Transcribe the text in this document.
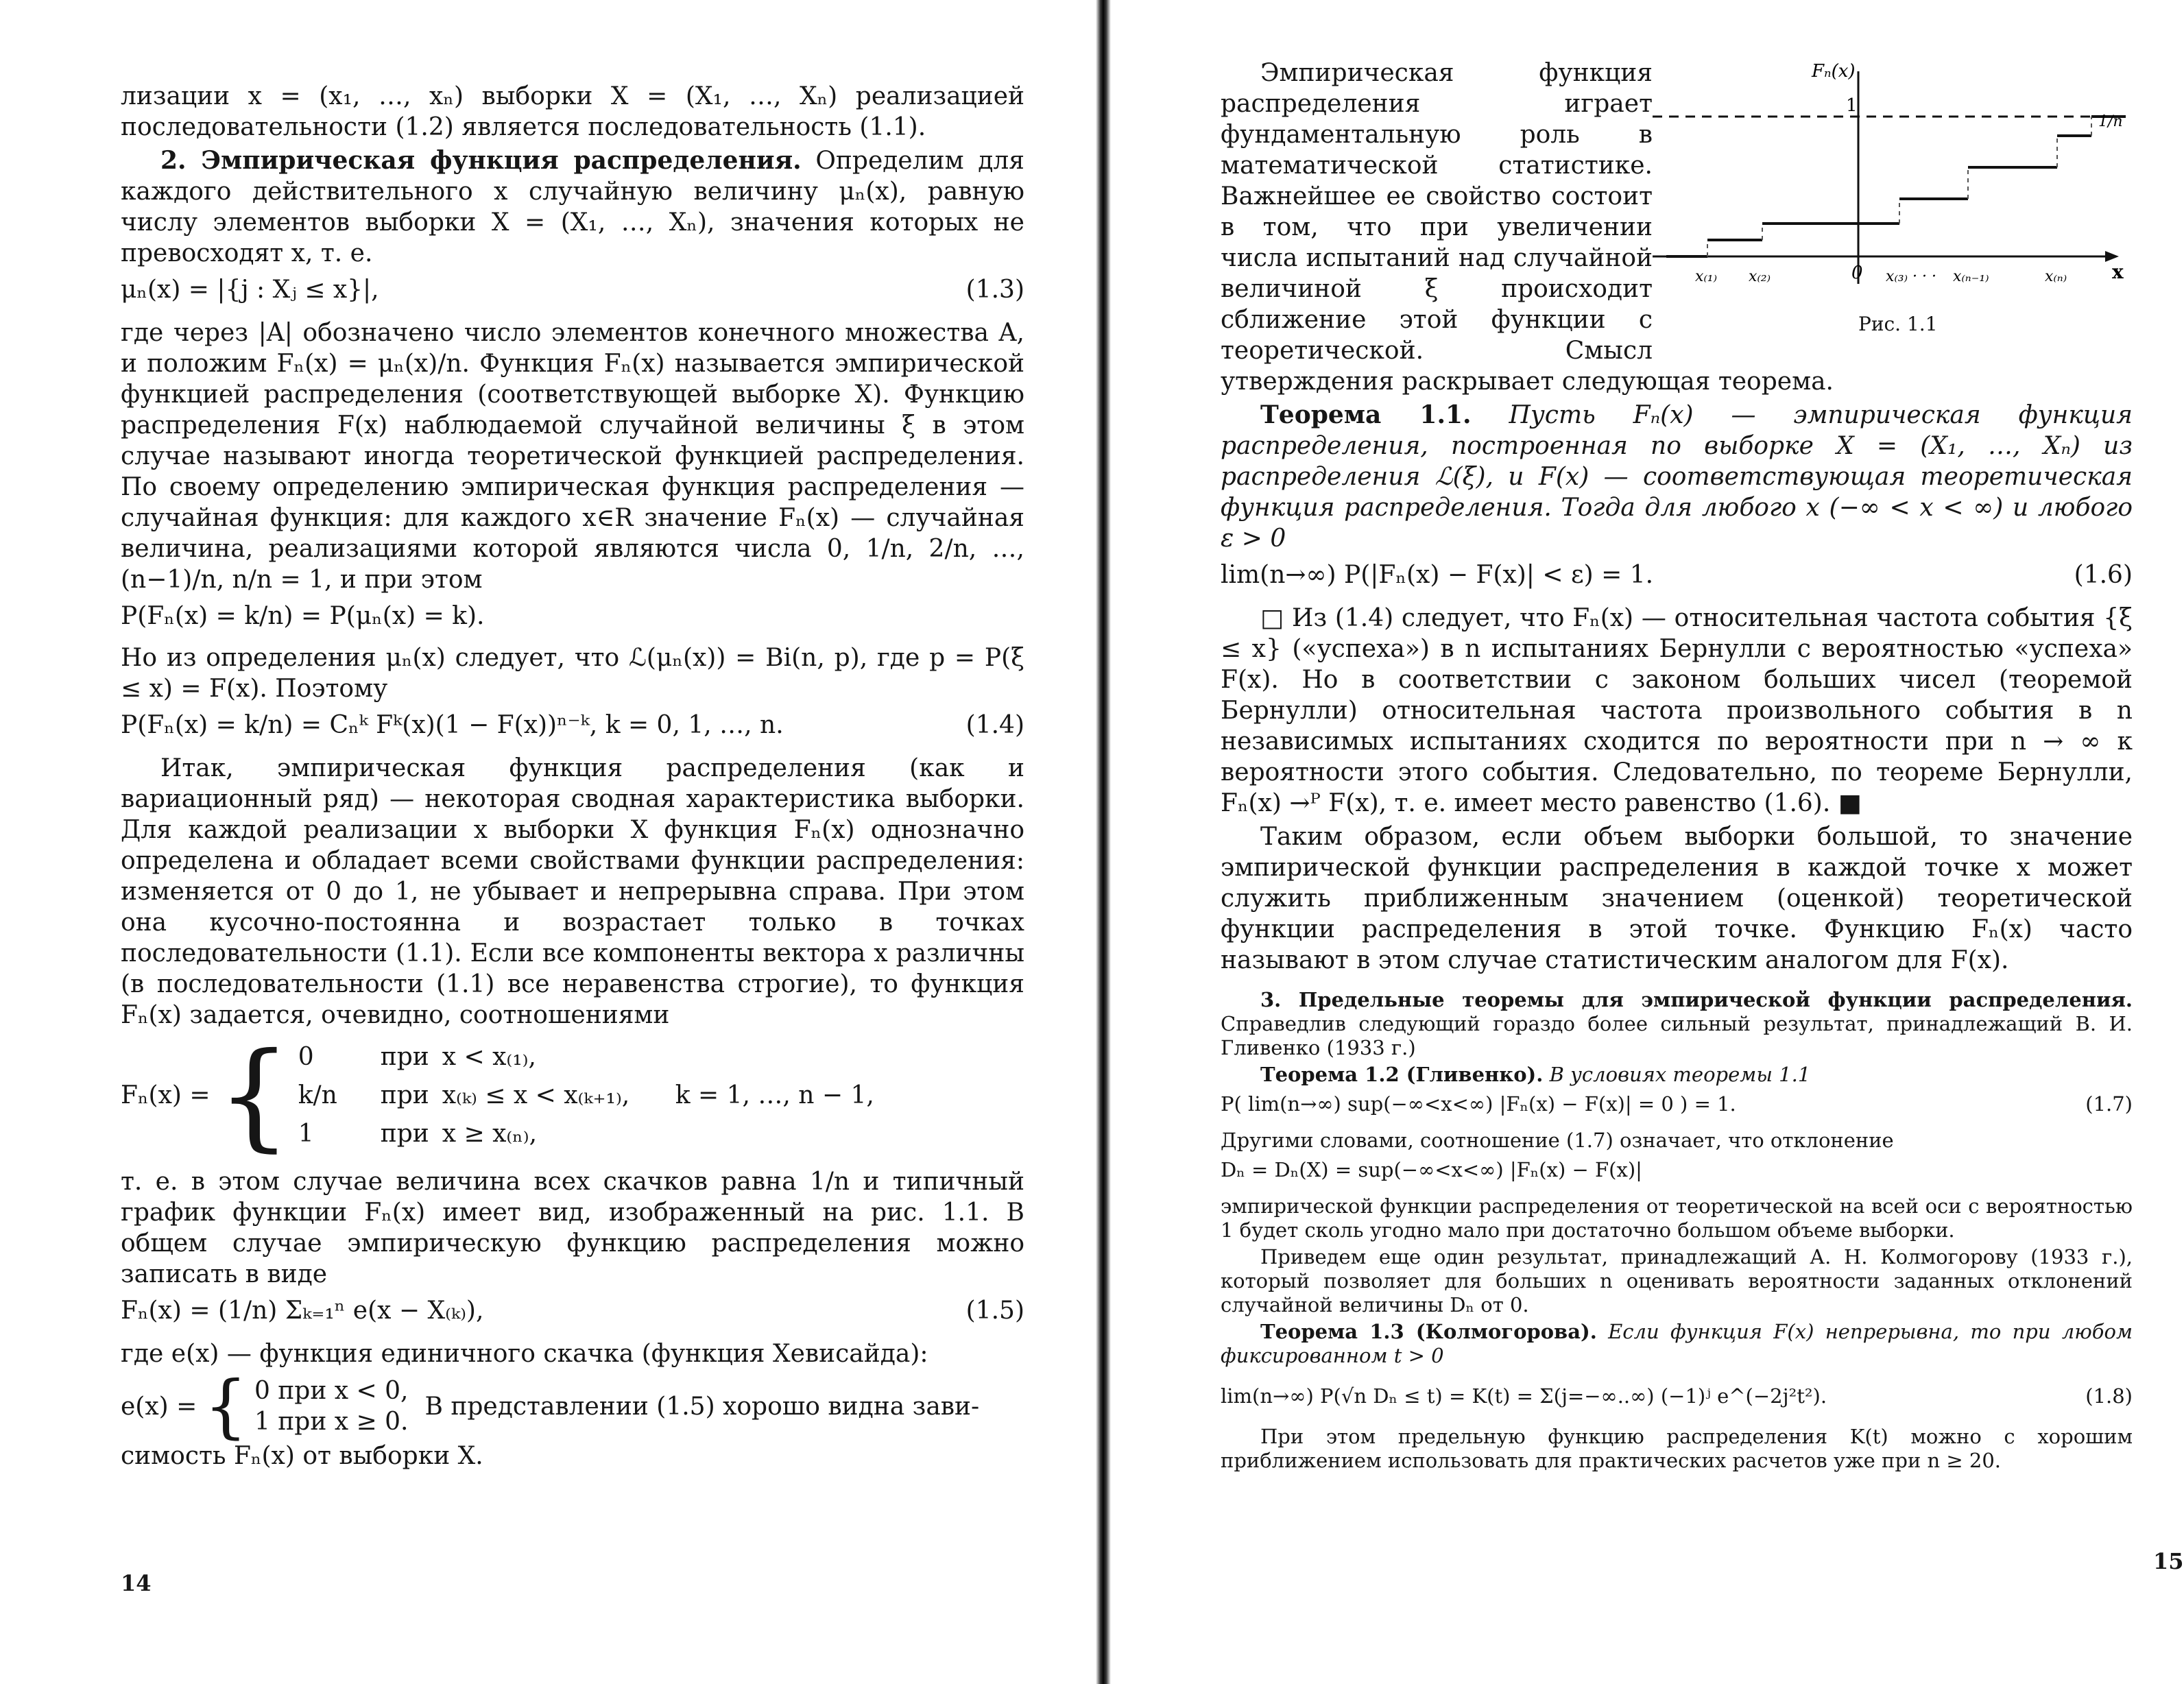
лизации x = (x₁, …, xₙ) выборки X = (X₁, …, Xₙ) реализацией последовательности (1.2) является последовательность (1.1).

2. Эмпирическая функция распределения. Определим для каждого действительного x случайную величину μₙ(x), равную числу элементов выборки X = (X₁, …, Xₙ), значения которых не превосходят x, т. е.

μₙ(x) = |{j : Xⱼ ≤ x}|,	(1.3)

где через |A| обозначено число элементов конечного множества A, и положим Fₙ(x) = μₙ(x)/n. Функция Fₙ(x) называется эмпирической функцией распределения (соответствующей выборке X). Функцию распределения F(x) наблюдаемой случайной величины ξ в этом случае называют иногда теоретической функцией распределения. По своему определению эмпирическая функция распределения — случайная функция: для каждого x∈R значение Fₙ(x) — случайная величина, реализациями которой являются числа 0, 1/n, 2/n, …, (n−1)/n, n/n = 1, и при этом

P(Fₙ(x) = k/n) = P(μₙ(x) = k).

Но из определения μₙ(x) следует, что ℒ(μₙ(x)) = Bi(n, p), где p = P(ξ ≤ x) = F(x). Поэтому

P(Fₙ(x) = k/n) = Cₙᵏ Fᵏ(x)(1 − F(x))ⁿ⁻ᵏ, k = 0, 1, …, n.	(1.4)

Итак, эмпирическая функция распределения (как и вариационный ряд) — некоторая сводная характеристика выборки. Для каждой реализации x выборки X функция Fₙ(x) однозначно определена и обладает всеми свойствами функции распределения: изменяется от 0 до 1, не убывает и непрерывна справа. При этом она кусочно-постоянна и возрастает только в точках последовательности (1.1). Если все компоненты вектора x различны (в последовательности (1.1) все неравенства строгие), то функция Fₙ(x) задается, очевидно, соотношениями

Fₙ(x) = { 0	при x < x₍₁₎,
k/n при x₍ₖ₎ ≤ x < x₍ₖ₊₁₎, k = 1, …, n − 1,
1	при x ≥ x₍ₙ₎,

т. е. в этом случае величина всех скачков равна 1/n и типичный график функции Fₙ(x) имеет вид, изображенный на рис. 1.1. В общем случае эмпирическую функцию распределения можно записать в виде

Fₙ(x) = (1/n) Σₖ₌₁ⁿ e(x − X₍ₖ₎),	(1.5)

где e(x) — функция единичного скачка (функция Хевисайда):

e(x) = { 0 при x < 0,
1 при x ≥ 0.
В представлении (1.5) хорошо видна зави-

симость Fₙ(x) от выборки X.

14
Fₙ(x)
1
1/n
0	x
x₍₁₎ x₍₂₎	x₍₃₎ · · · x₍ₙ₋₁₎	x₍ₙ₎
Рис. 1.1

Эмпирическая функция распределения играет фундаментальную роль в математической статистике. Важнейшее ее свойство состоит в том, что при увеличении числа испытаний над случайной величиной ξ происходит сближение этой функции с теоретической. Смысл утверждения раскрывает следующая теорема.

Теорема 1.1. Пусть Fₙ(x) — эмпирическая функция распределения, построенная по выборке X = (X₁, …, Xₙ) из распределения ℒ(ξ), и F(x) — соответствующая теоретическая функция распределения. Тогда для любого x (−∞ < x < ∞) и любого ε > 0

lim(n→∞) P(|Fₙ(x) − F(x)| < ε) = 1.	(1.6)

□ Из (1.4) следует, что Fₙ(x) — относительная частота события {ξ ≤ x} («успеха») в n испытаниях Бернулли с вероятностью «успеха» F(x). Но в соответствии с законом больших чисел (теоремой Бернулли) относительная частота произвольного события в n независимых испытаниях сходится по вероятности при n → ∞ к вероятности этого события. Следовательно, по теореме Бернулли, Fₙ(x) →ᴾ F(x), т. е. имеет место равенство (1.6). ■

Таким образом, если объем выборки большой, то значение эмпирической функции распределения в каждой точке x может служить приближенным значением (оценкой) теоретической функции распределения в этой точке. Функцию Fₙ(x) часто называют в этом случае статистическим аналогом для F(x).

3. Предельные теоремы для эмпирической функции распределения. Справедлив следующий гораздо более сильный результат, принадлежащий В. И. Гливенко (1933 г.)

Теорема 1.2 (Гливенко). В условиях теоремы 1.1

P( lim(n→∞) sup(−∞<x<∞) |Fₙ(x) − F(x)| = 0 ) = 1.	(1.7)

Другими словами, соотношение (1.7) означает, что отклонение

Dₙ = Dₙ(X) = sup(−∞<x<∞) |Fₙ(x) − F(x)|

эмпирической функции распределения от теоретической на всей оси с вероятностью 1 будет сколь угодно мало при достаточно большом объеме выборки.

Приведем еще один результат, принадлежащий А. Н. Колмогорову (1933 г.), который позволяет для больших n оценивать вероятности заданных отклонений случайной величины Dₙ от 0.

Теорема 1.3 (Колмогорова). Если функция F(x) непрерывна, то при любом фиксированном t > 0

lim(n→∞) P(√n Dₙ ≤ t) = K(t) = Σ(j=−∞..∞) (−1)ʲ e^(−2j²t²).	(1.8)

При этом предельную функцию распределения K(t) можно с хорошим приближением использовать для практических расчетов уже при n ≥ 20.

15
